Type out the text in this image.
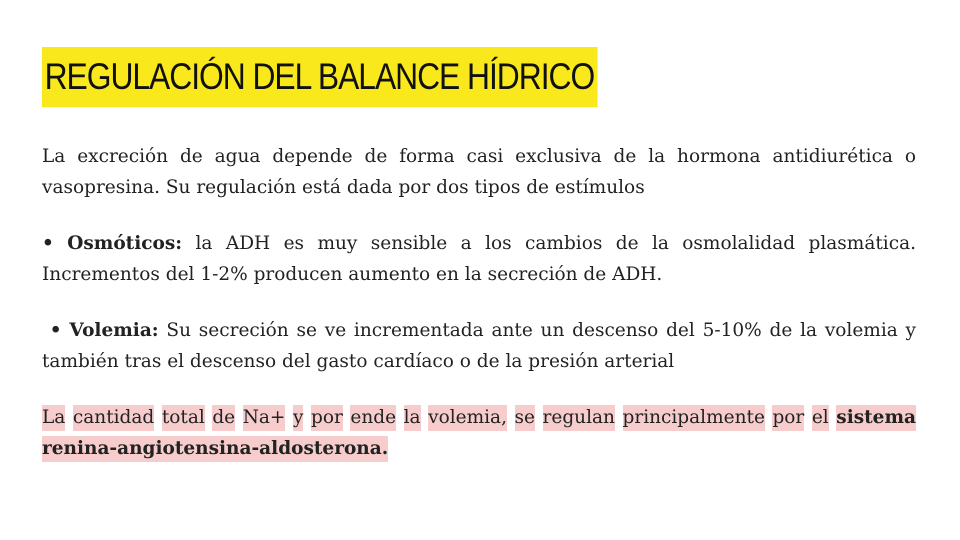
REGULACIÓN DEL BALANCE HÍDRICO

La excreción de agua depende de forma casi exclusiva de la hormona antidiurética o vasopresina. Su regulación está dada por dos tipos de estímulos

• Osmóticos: la ADH es muy sensible a los cambios de la osmolalidad plasmática. Incrementos del 1-2% producen aumento en la secreción de ADH.

• Volemia: Su secreción se ve incrementada ante un descenso del 5-10% de la volemia y también tras el descenso del gasto cardíaco o de la presión arterial

La cantidad total de Na+ y por ende la volemia, se regulan principalmente por el sistema renina-angiotensina-aldosterona.
